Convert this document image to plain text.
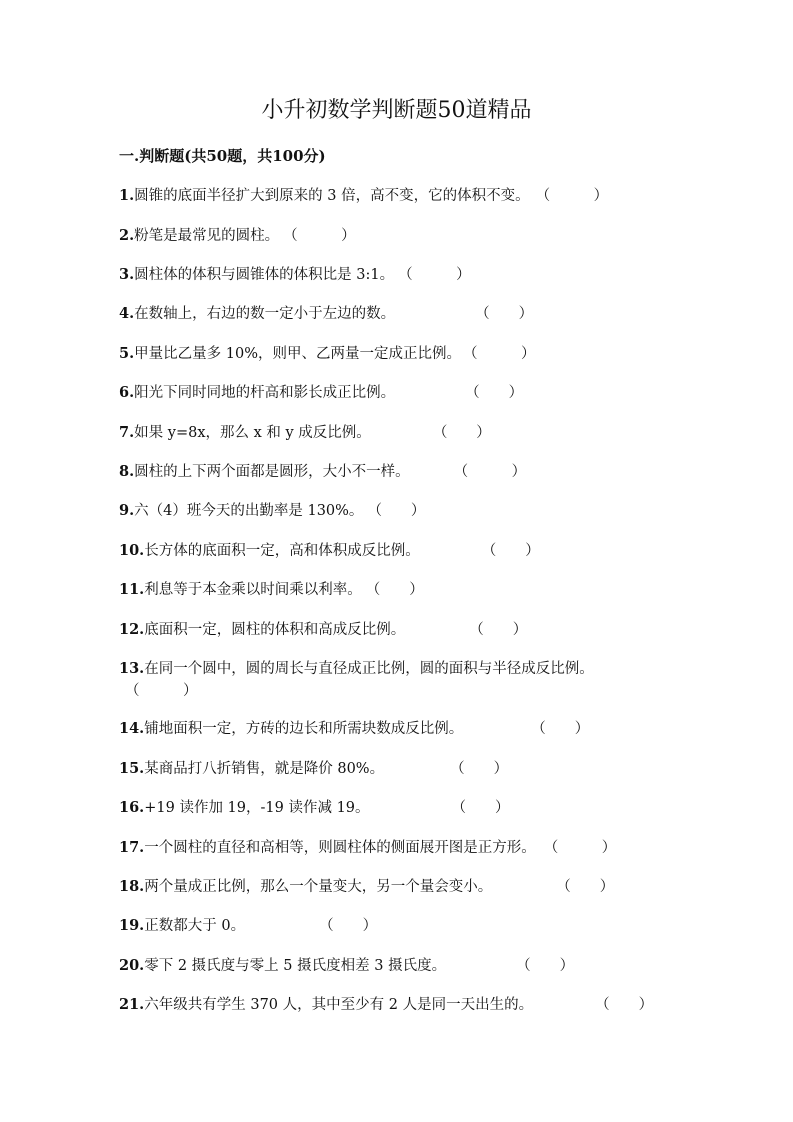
小升初数学判断题50道精品
一.判断题(共50题，共100分)
1.圆锥的底面半径扩大到原来的 3 倍，高不变，它的体积不变。 （　　　）
2.粉笔是最常见的圆柱。 （　　　）
3.圆柱体的体积与圆锥体的体积比是 3:1。 （　　　）
4.在数轴上，右边的数一定小于左边的数。	（　　）
5.甲量比乙量多 10%，则甲、乙两量一定成正比例。 （　　　）
6.阳光下同时同地的杆高和影长成正比例。	（　　）
7.如果 y=8x，那么 x 和 y 成反比例。	（　　）
8.圆柱的上下两个面都是圆形，大小不一样。	（　　　）
9.六（4）班今天的出勤率是 130%。 （　　）
10.长方体的底面积一定，高和体积成反比例。	（　　）
11.利息等于本金乘以时间乘以利率。 （　　）
12.底面积一定，圆柱的体积和高成反比例。	（　　）
13.在同一个圆中，圆的周长与直径成正比例，圆的面积与半径成反比例。
（　　　）
14.铺地面积一定，方砖的边长和所需块数成反比例。	（　　）
15.某商品打八折销售，就是降价 80%。	（　　）
16.+19 读作加 19，-19 读作减 19。	（　　）
17.一个圆柱的直径和高相等，则圆柱体的侧面展开图是正方形。 （　　　）
18.两个量成正比例，那么一个量变大，另一个量会变小。	（　　）
19.正数都大于 0。	（　　）
20.零下 2 摄氏度与零上 5 摄氏度相差 3 摄氏度。	（　　）
21.六年级共有学生 370 人，其中至少有 2 人是同一天出生的。	（　　）
